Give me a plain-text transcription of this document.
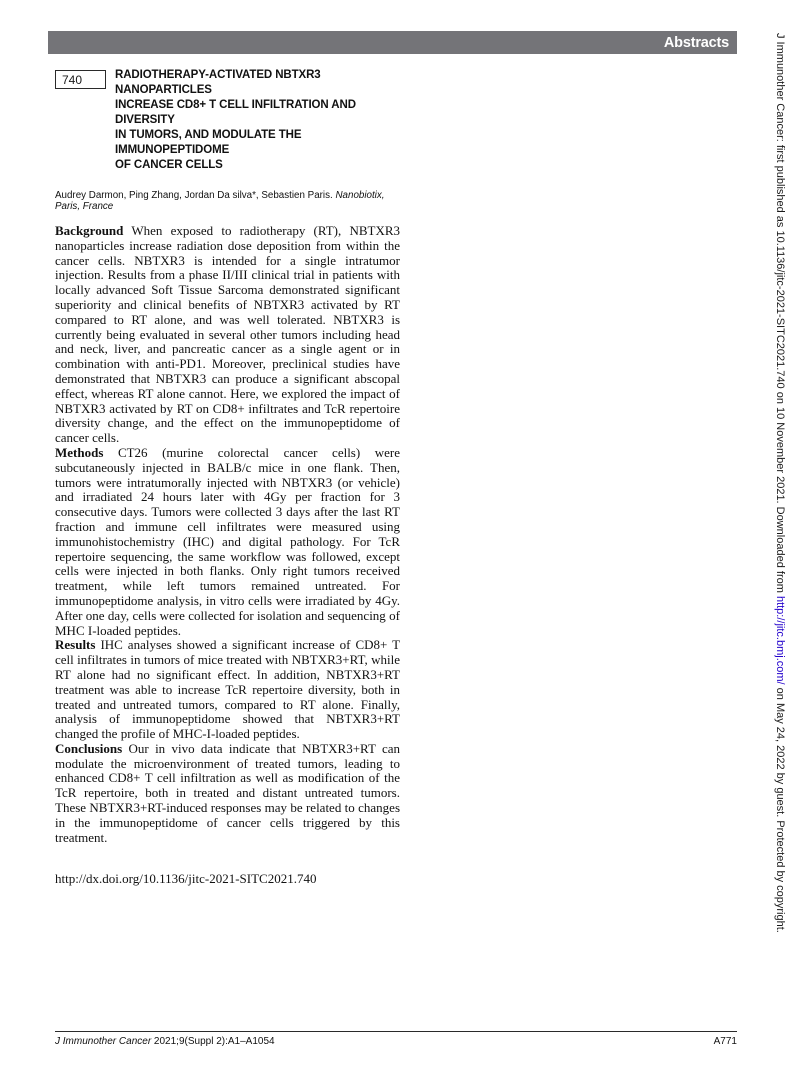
Abstracts	J Immunother Cancer: first published as 10.1136/jitc-2021-SITC2021.740 on 10 November 2021. Downloaded from http://jitc.bmj.com/ on May 24, 2022 by guest. Protected by copyright.
740	RADIOTHERAPY-ACTIVATED NBTXR3 NANOPARTICLES
INCREASE CD8+ T CELL INFILTRATION AND DIVERSITY
IN TUMORS, AND MODULATE THE IMMUNOPEPTIDOME
OF CANCER CELLS
Audrey Darmon, Ping Zhang, Jordan Da silva*, Sebastien Paris. Nanobiotix, Paris, France

Background When exposed to radiotherapy (RT), NBTXR3 nanoparticles increase radiation dose deposition from within the cancer cells. NBTXR3 is intended for a single intratumor injection. Results from a phase II/III clinical trial in patients with locally advanced Soft Tissue Sarcoma demonstrated significant superiority and clinical benefits of NBTXR3 activated by RT compared to RT alone, and was well tolerated. NBTXR3 is currently being evaluated in several other tumors including head and neck, liver, and pancreatic cancer as a single agent or in combination with anti-PD1. Moreover, preclinical studies have demonstrated that NBTXR3 can produce a significant abscopal effect, whereas RT alone cannot. Here, we explored the impact of NBTXR3 activated by RT on CD8+ infiltrates and TcR repertoire diversity change, and the effect on the immunopeptidome of cancer cells.

Methods CT26 (murine colorectal cancer cells) were subcutaneously injected in BALB/c mice in one flank. Then, tumors were intratumorally injected with NBTXR3 (or vehicle) and irradiated 24 hours later with 4Gy per fraction for 3 consecutive days. Tumors were collected 3 days after the last RT fraction and immune cell infiltrates were measured using immunohistochemistry (IHC) and digital pathology. For TcR repertoire sequencing, the same workflow was followed, except cells were injected in both flanks. Only right tumors received treatment, while left tumors remained untreated. For immunopeptidome analysis, in vitro cells were irradiated by 4Gy. After one day, cells were collected for isolation and sequencing of MHC I-loaded peptides.

Results IHC analyses showed a significant increase of CD8+ T cell infiltrates in tumors of mice treated with NBTXR3+RT, while RT alone had no significant effect. In addition, NBTXR3+RT treatment was able to increase TcR repertoire diversity, both in treated and untreated tumors, compared to RT alone. Finally, analysis of immunopeptidome showed that NBTXR3+RT changed the profile of MHC-I-loaded peptides.

Conclusions Our in vivo data indicate that NBTXR3+RT can modulate the microenvironment of treated tumors, leading to enhanced CD8+ T cell infiltration as well as modification of the TcR repertoire, both in treated and distant untreated tumors. These NBTXR3+RT-induced responses may be related to changes in the immunopeptidome of cancer cells triggered by this treatment.

http://dx.doi.org/10.1136/jitc-2021-SITC2021.740
J Immunother Cancer 2021;9(Suppl 2):A1–A1054	A771
